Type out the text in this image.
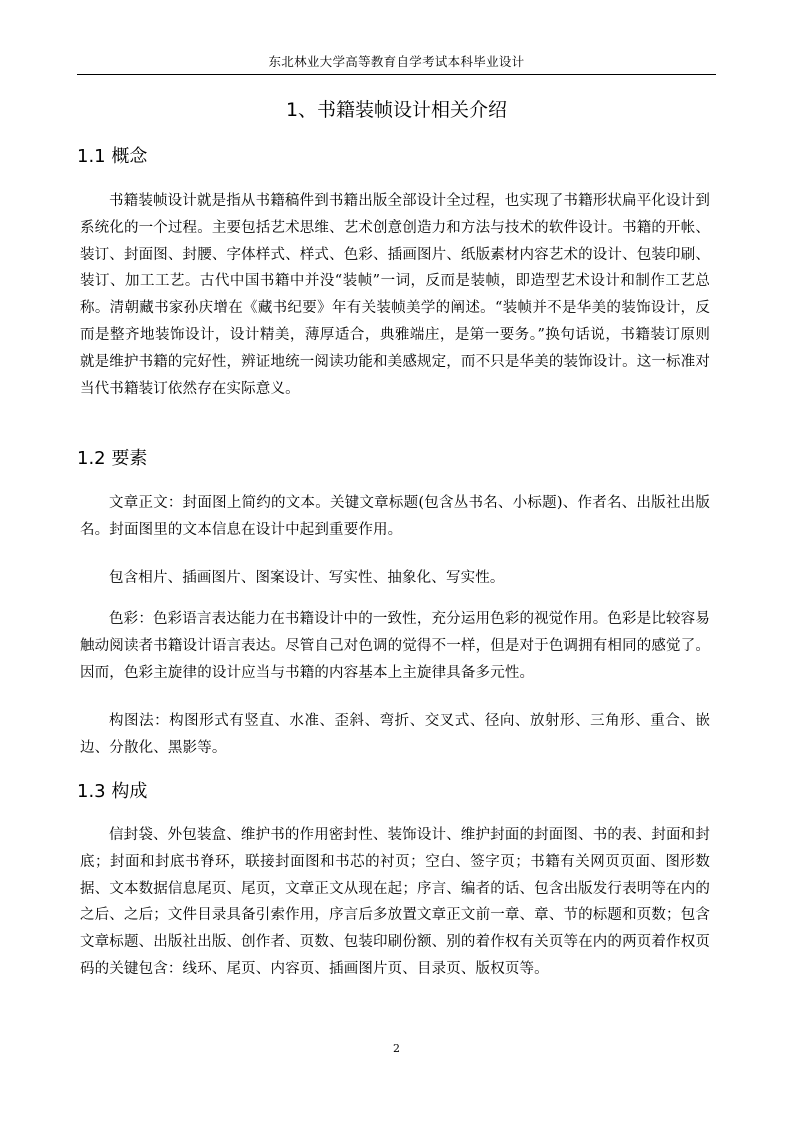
东北林业大学高等教育自学考试本科毕业设计
1、书籍装帧设计相关介绍
1.1 概念
书籍装帧设计就是指从书籍稿件到书籍出版全部设计全过程，也实现了书籍形状扁平化设计到系统化的一个过程。主要包括艺术思维、艺术创意创造力和方法与技术的软件设计。书籍的开帐、装订、封面图、封腰、字体样式、样式、色彩、插画图片、纸版素材内容艺术的设计、包装印刷、装订、加工工艺。古代中国书籍中并没“装帧”一词，反而是装帧，即造型艺术设计和制作工艺总称。清朝藏书家孙庆增在《藏书纪要》年有关装帧美学的阐述。“装帧并不是华美的装饰设计，反而是整齐地装饰设计，设计精美，薄厚适合，典雅端庄，是第一要务。”换句话说，书籍装订原则就是维护书籍的完好性，辨证地统一阅读功能和美感规定，而不只是华美的装饰设计。这一标准对当代书籍装订依然存在实际意义。
1.2 要素
文章正文：封面图上简约的文本。关键文章标题(包含丛书名、小标题)、作者名、出版社出版名。封面图里的文本信息在设计中起到重要作用。
包含相片、插画图片、图案设计、写实性、抽象化、写实性。
色彩：色彩语言表达能力在书籍设计中的一致性，充分运用色彩的视觉作用。色彩是比较容易触动阅读者书籍设计语言表达。尽管自己对色调的觉得不一样，但是对于色调拥有相同的感觉了。因而，色彩主旋律的设计应当与书籍的内容基本上主旋律具备多元性。
构图法：构图形式有竖直、水准、歪斜、弯折、交叉式、径向、放射形、三角形、重合、嵌边、分散化、黑影等。
1.3 构成
信封袋、外包装盒、维护书的作用密封性、装饰设计、维护封面的封面图、书的表、封面和封底；封面和封底书脊环，联接封面图和书芯的衬页；空白、签字页；书籍有关网页页面、图形数据、文本数据信息尾页、尾页，文章正文从现在起；序言、编者的话、包含出版发行表明等在内的之后、之后；文件目录具备引索作用，序言后多放置文章正文前一章、章、节的标题和页数；包含文章标题、出版社出版、创作者、页数、包装印刷份额、别的着作权有关页等在内的两页着作权页码的关键包含：线环、尾页、内容页、插画图片页、目录页、版权页等。
2
